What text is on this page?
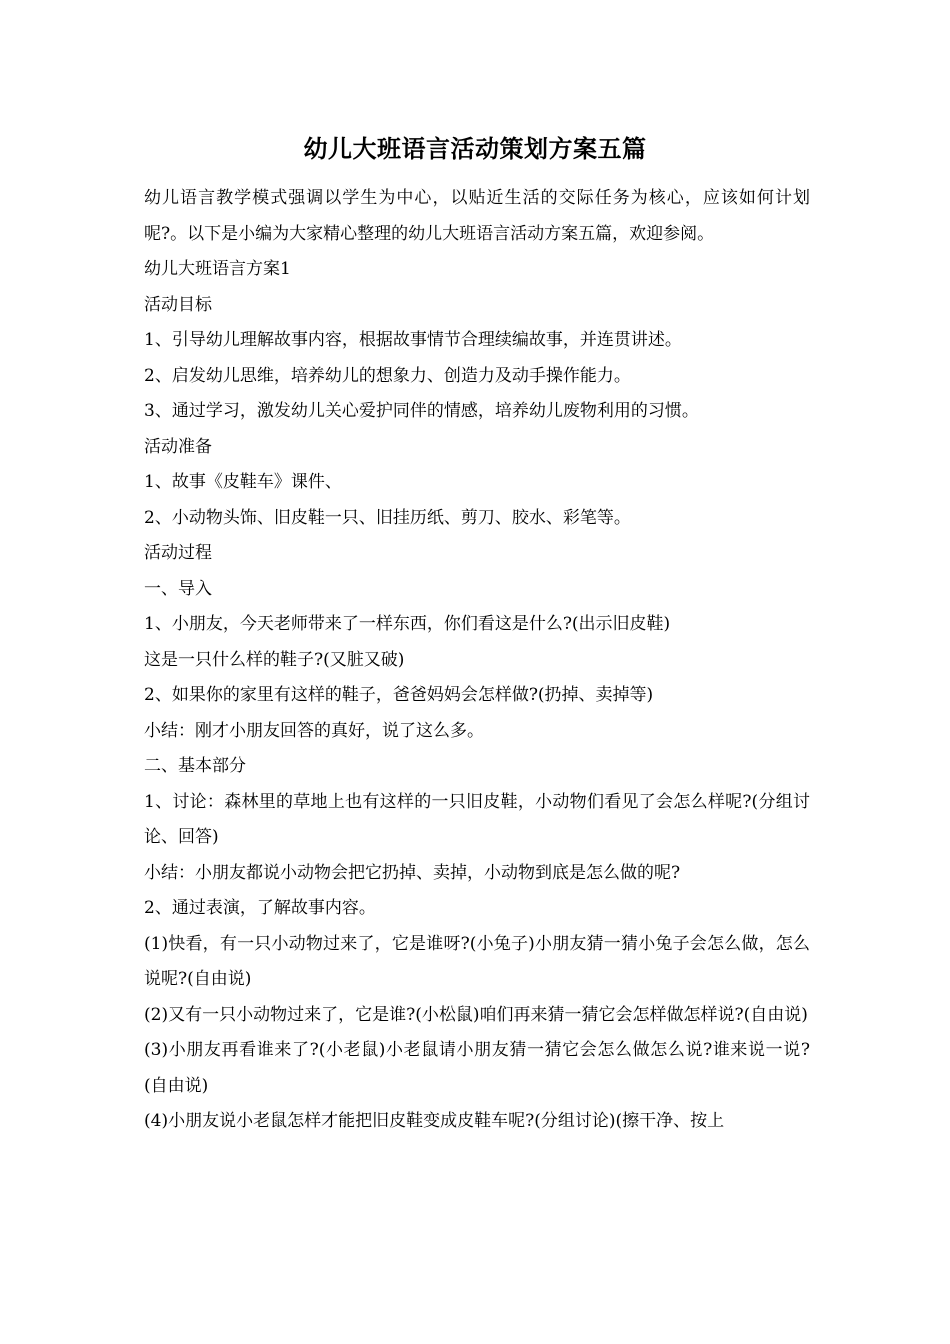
幼儿大班语言活动策划方案五篇

幼儿语言教学模式强调以学生为中心，以贴近生活的交际任务为核心，应该如何计划呢?。以下是小编为大家精心整理的幼儿大班语言活动方案五篇，欢迎参阅。

幼儿大班语言方案1

活动目标

1、引导幼儿理解故事内容，根据故事情节合理续编故事，并连贯讲述。

2、启发幼儿思维，培养幼儿的想象力、创造力及动手操作能力。

3、通过学习，激发幼儿关心爱护同伴的情感，培养幼儿废物利用的习惯。

活动准备

1、故事《皮鞋车》课件、

2、小动物头饰、旧皮鞋一只、旧挂历纸、剪刀、胶水、彩笔等。

活动过程

一、导入

1、小朋友，今天老师带来了一样东西，你们看这是什么?(出示旧皮鞋)

这是一只什么样的鞋子?(又脏又破)

2、如果你的家里有这样的鞋子，爸爸妈妈会怎样做?(扔掉、卖掉等)

小结：刚才小朋友回答的真好，说了这么多。

二、基本部分

1、讨论：森林里的草地上也有这样的一只旧皮鞋，小动物们看见了会怎么样呢?(分组讨论、回答)

小结：小朋友都说小动物会把它扔掉、卖掉，小动物到底是怎么做的呢?

2、通过表演，了解故事内容。

(1)快看，有一只小动物过来了，它是谁呀?(小兔子)小朋友猜一猜小兔子会怎么做，怎么说呢?(自由说)

(2)又有一只小动物过来了，它是谁?(小松鼠)咱们再来猜一猜它会怎样做怎样说?(自由说)

(3)小朋友再看谁来了?(小老鼠)小老鼠请小朋友猜一猜它会怎么做怎么说?谁来说一说?(自由说)

(4)小朋友说小老鼠怎样才能把旧皮鞋变成皮鞋车呢?(分组讨论)(擦干净、按上
